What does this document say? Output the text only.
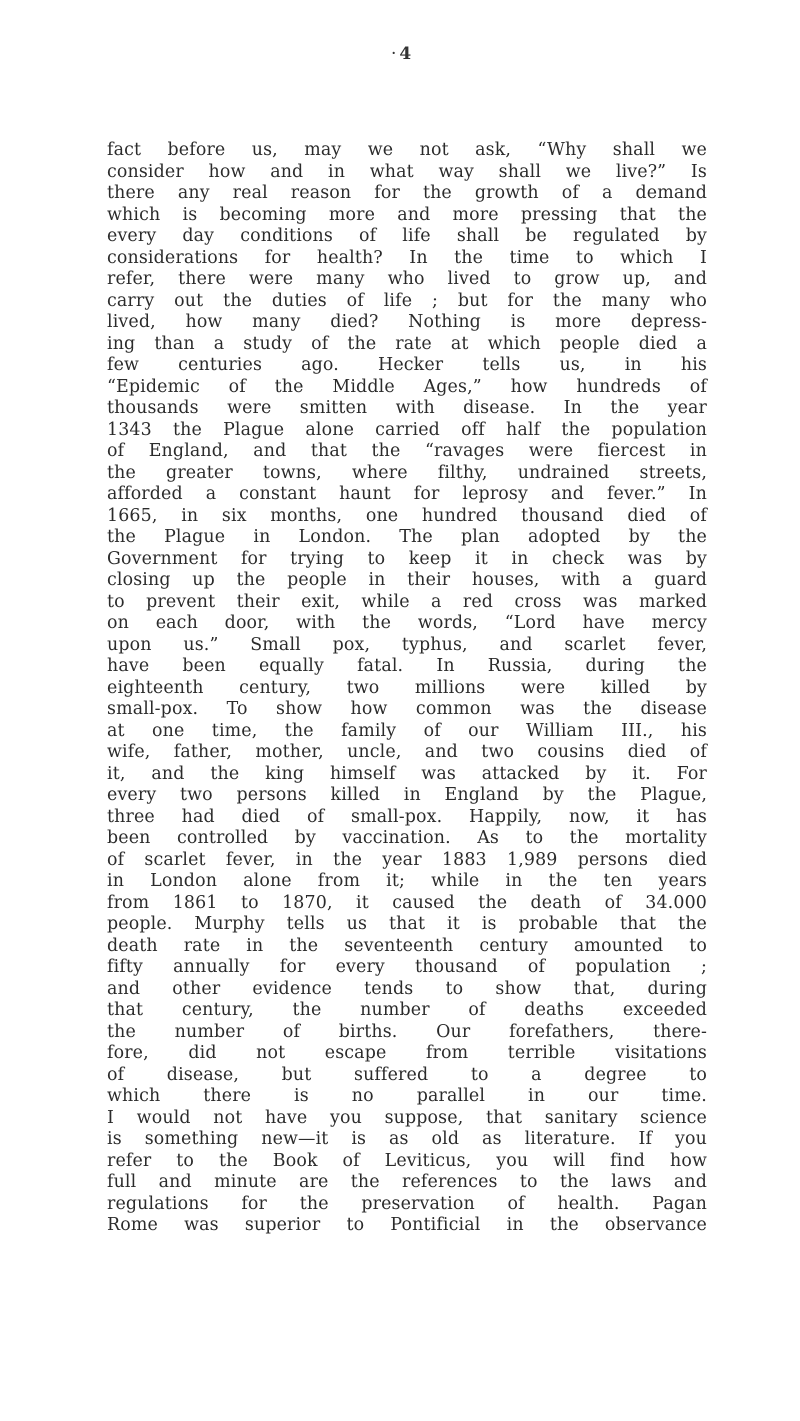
· 4
fact before us, may we not ask, “Why shall we
consider how and in what way shall we live?” Is
there any real reason for the growth of a demand
which is becoming more and more pressing that the
every day conditions of life shall be regulated by
considerations for health? In the time to which I
refer, there were many who lived to grow up, and
carry out the duties of life ; but for the many who
lived, how many died? Nothing is more depress-
ing than a study of the rate at which people died a
few centuries ago. Hecker tells us, in his
“Epidemic of the Middle Ages,” how hundreds of
thousands were smitten with disease. In the year
1343 the Plague alone carried off half the population
of England, and that the “ravages were fiercest in
the greater towns, where filthy, undrained streets,
afforded a constant haunt for leprosy and fever.” In
1665, in six months, one hundred thousand died of
the Plague in London. The plan adopted by the
Government for trying to keep it in check was by
closing up the people in their houses, with a guard
to prevent their exit, while a red cross was marked
on each door, with the words, “Lord have mercy
upon us.” Small pox, typhus, and scarlet fever,
have been equally fatal. In Russia, during the
eighteenth century, two millions were killed by
small-pox. To show how common was the disease
at one time, the family of our William III., his
wife, father, mother, uncle, and two cousins died of
it, and the king himself was attacked by it. For
every two persons killed in England by the Plague,
three had died of small-pox. Happily, now, it has
been controlled by vaccination. As to the mortality
of scarlet fever, in the year 1883 1,989 persons died
in London alone from it; while in the ten years
from 1861 to 1870, it caused the death of 34.000
people. Murphy tells us that it is probable that the
death rate in the seventeenth century amounted to
fifty annually for every thousand of population ;
and other evidence tends to show that, during
that century, the number of deaths exceeded
the number of births. Our forefathers, there-
fore, did not escape from terrible visitations
of disease, but suffered to a degree to
which there is no parallel in our time.
I would not have you suppose, that sanitary science
is something new—it is as old as literature. If you
refer to the Book of Leviticus, you will find how
full and minute are the references to the laws and
regulations for the preservation of health. Pagan
Rome was superior to Pontificial in the observance
